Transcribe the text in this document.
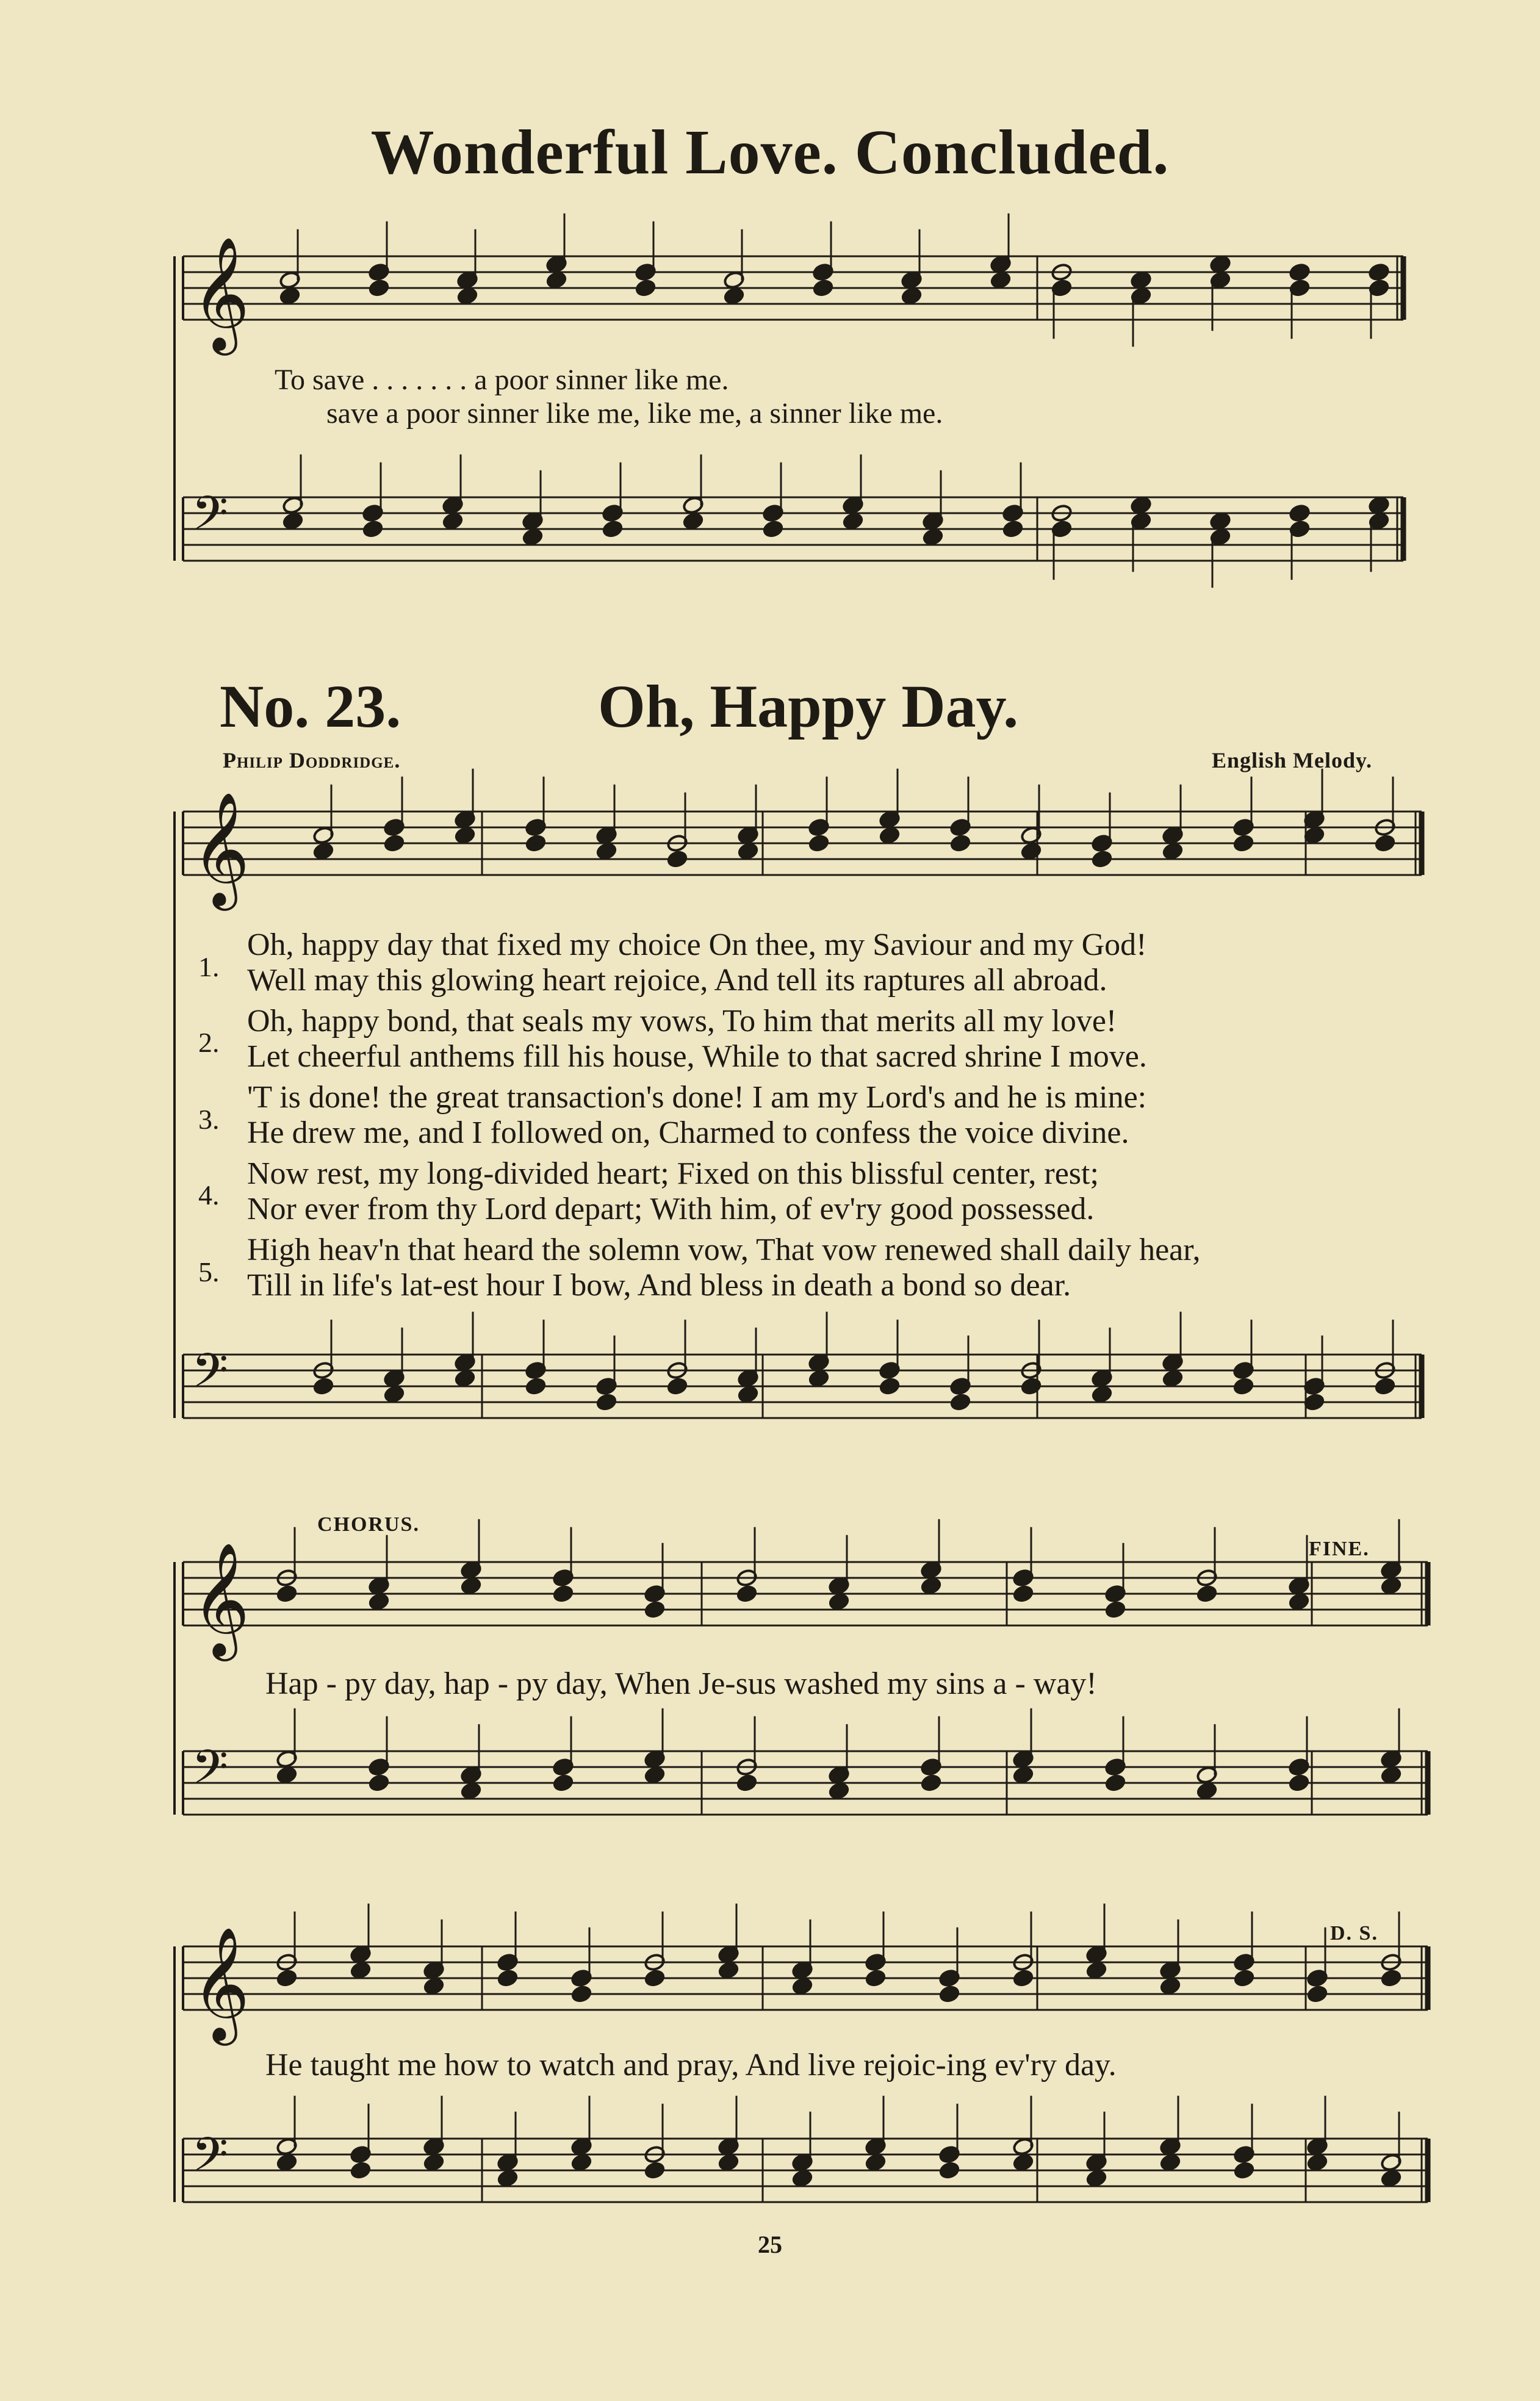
𝄞
𝄢
𝄞
𝄢
𝄞
𝄢
𝄞
𝄢
Wonderful Love. Concluded.
To save . . . . . . . a poor sinner like me.
save a poor sinner like me, like me, a sinner like me.
No. 23.	Oh, Happy Day.
Philip Doddridge.	English Melody.
1.
Oh, happy day that fixed my choice On thee, my Saviour and my God!
Well may this glowing heart rejoice, And tell its raptures all abroad.
2.
Oh, happy bond, that seals my vows, To him that merits all my love!
Let cheerful anthems fill his house, While to that sacred shrine I move.
3.
'T is done! the great transaction's done! I am my Lord's and he is mine:
He drew me, and I followed on, Charmed to confess the voice divine.
4.
Now rest, my long-divided heart; Fixed on this blissful center, rest;
Nor ever from thy Lord depart; With him, of ev'ry good possessed.
5.
High heav'n that heard the solemn vow, That vow renewed shall daily hear,
Till in life's lat-est hour I bow, And bless in death a bond so dear.
CHORUS.
FINE.
D. S.
Hap - py day, hap - py day, When Je-sus washed my sins a - way!
He taught me how to watch and pray, And live rejoic-ing ev'ry day.
25
